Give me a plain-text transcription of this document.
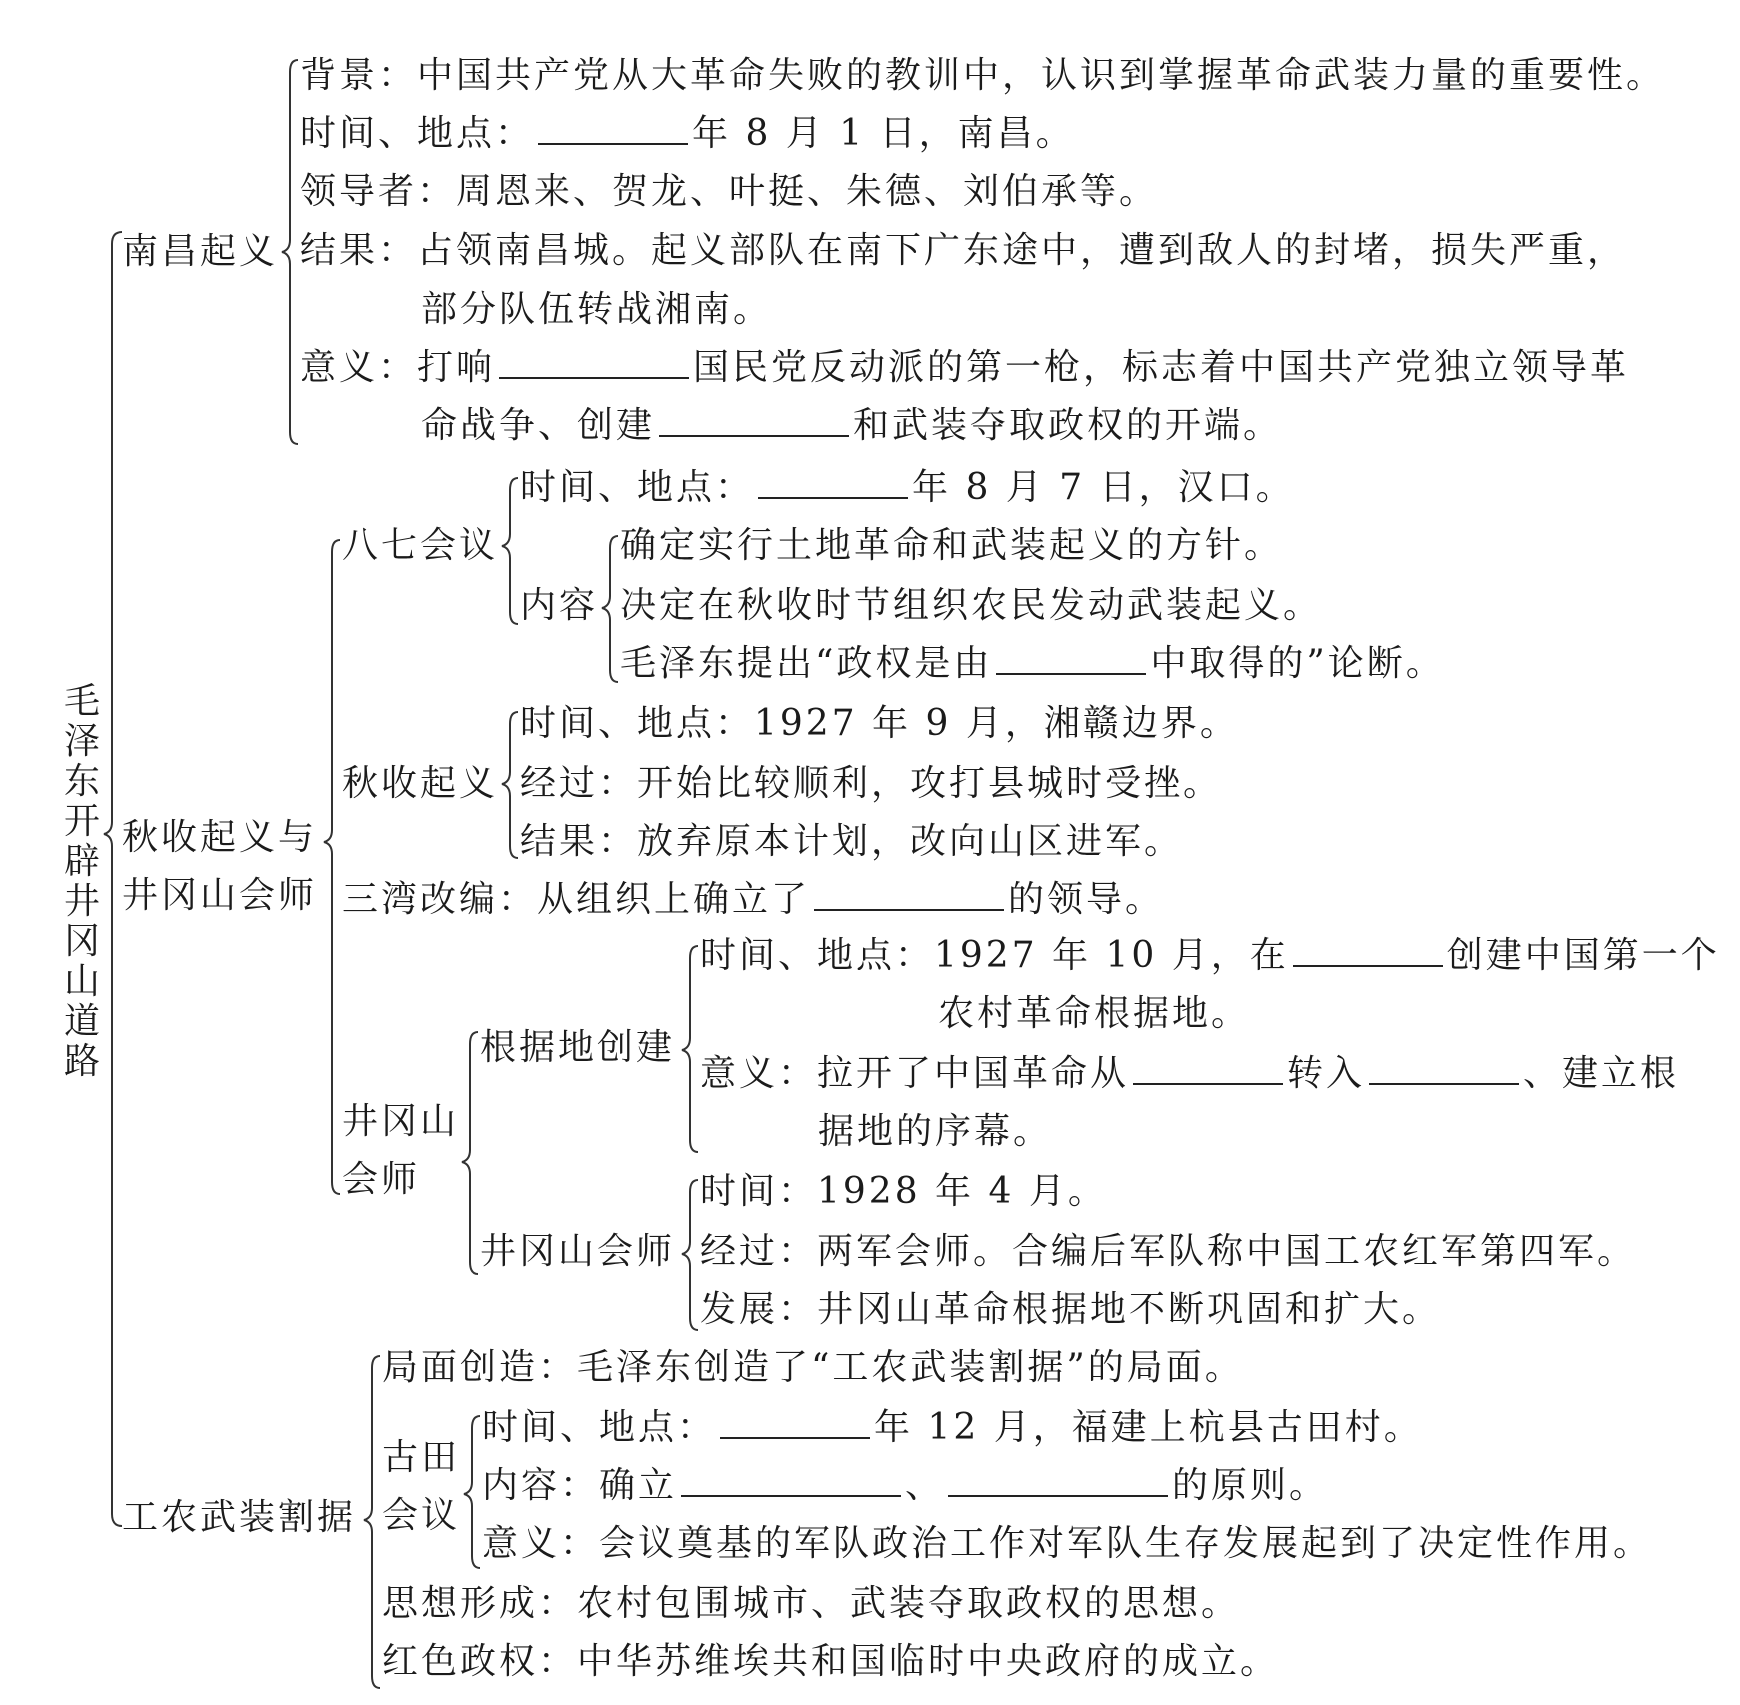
毛泽东开辟井冈山道路
南昌起义
背景：中国共产党从大革命失败的教训中，认识到掌握革命武装力量的重要性。
时间、地点：	年 8 月 1 日，南昌。
领导者：周恩来、贺龙、叶挺、朱德、刘伯承等。
结果：占领南昌城。起义部队在南下广东途中，遭到敌人的封堵，损失严重，
部分队伍转战湘南。
意义：打响	国民党反动派的第一枪，标志着中国共产党独立领导革
命战争、创建	和武装夺取政权的开端。
秋收起义与
井冈山会师
八七会议
时间、地点：	年 8 月 7 日，汉口。
内容
确定实行土地革命和武装起义的方针。
决定在秋收时节组织农民发动武装起义。
毛泽东提出“政权是由	中取得的”论断。
秋收起义
时间、地点：1927 年 9 月，湘赣边界。
经过：开始比较顺利，攻打县城时受挫。
结果：放弃原本计划，改向山区进军。
三湾改编：从组织上确立了	的领导。
井冈山
会师
根据地创建
时间、地点：1927 年 10 月，在	创建中国第一个
农村革命根据地。
意义：拉开了中国革命从	转入	、建立根
据地的序幕。
井冈山会师
时间：1928 年 4 月。
经过：两军会师。合编后军队称中国工农红军第四军。
发展：井冈山革命根据地不断巩固和扩大。
工农武装割据
局面创造：毛泽东创造了“工农武装割据”的局面。
古田
会议
时间、地点：	年 12 月，福建上杭县古田村。
内容：确立	、	的原则。
意义：会议奠基的军队政治工作对军队生存发展起到了决定性作用。
思想形成：农村包围城市、武装夺取政权的思想。
红色政权：中华苏维埃共和国临时中央政府的成立。
